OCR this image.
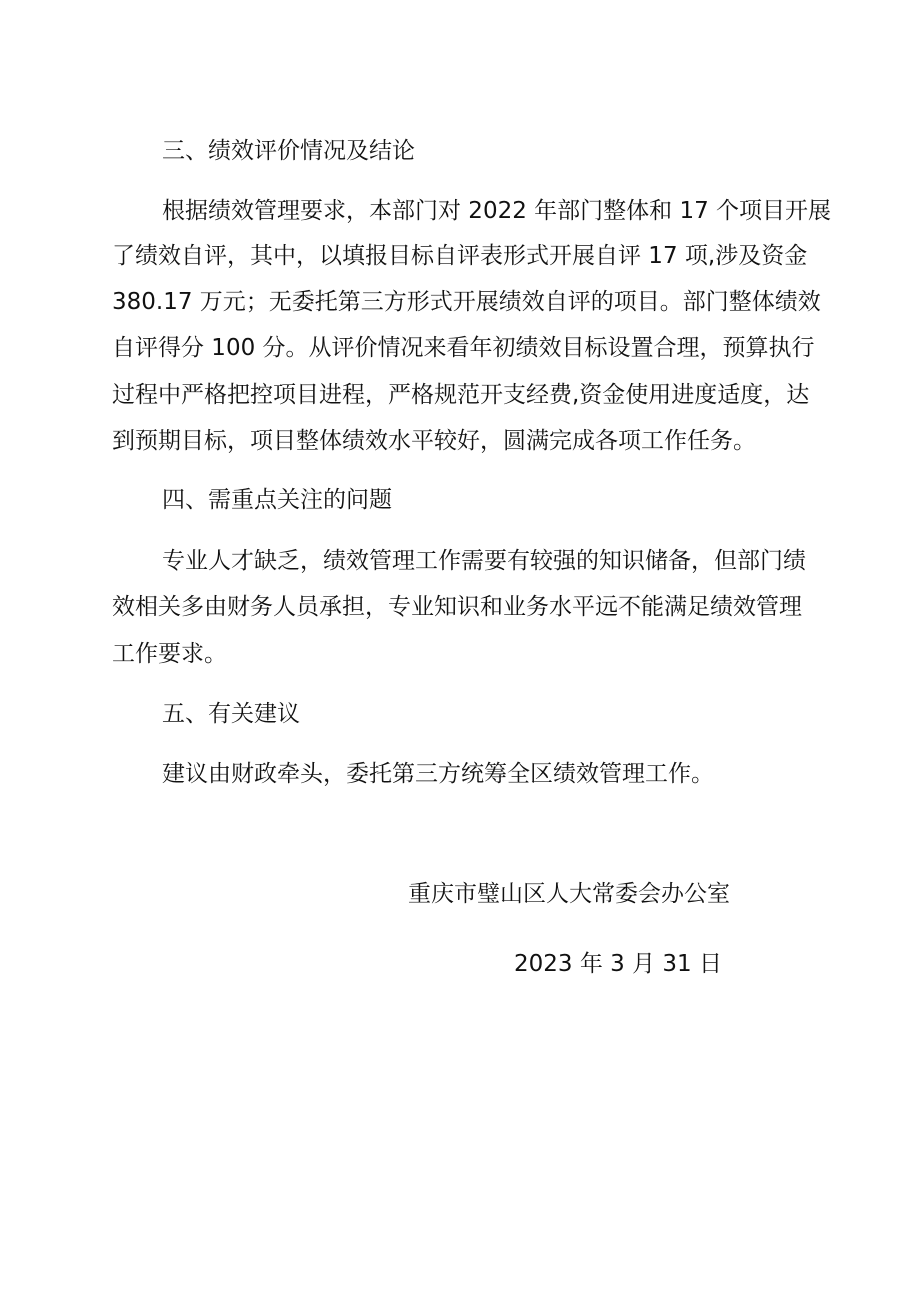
三、绩效评价情况及结论
根据绩效管理要求，本部门对 2022 年部门整体和 17 个项目开展
了绩效自评，其中，以填报目标自评表形式开展自评 17 项,涉及资金
380.17 万元；无委托第三方形式开展绩效自评的项目。部门整体绩效
自评得分 100 分。从评价情况来看年初绩效目标设置合理，预算执行
过程中严格把控项目进程，严格规范开支经费,资金使用进度适度，达
到预期目标，项目整体绩效水平较好，圆满完成各项工作任务。
四、需重点关注的问题
专业人才缺乏，绩效管理工作需要有较强的知识储备，但部门绩
效相关多由财务人员承担，专业知识和业务水平远不能满足绩效管理
工作要求。
五、有关建议
建议由财政牵头，委托第三方统筹全区绩效管理工作。
重庆市璧山区人大常委会办公室
2023 年 3 月 31 日
